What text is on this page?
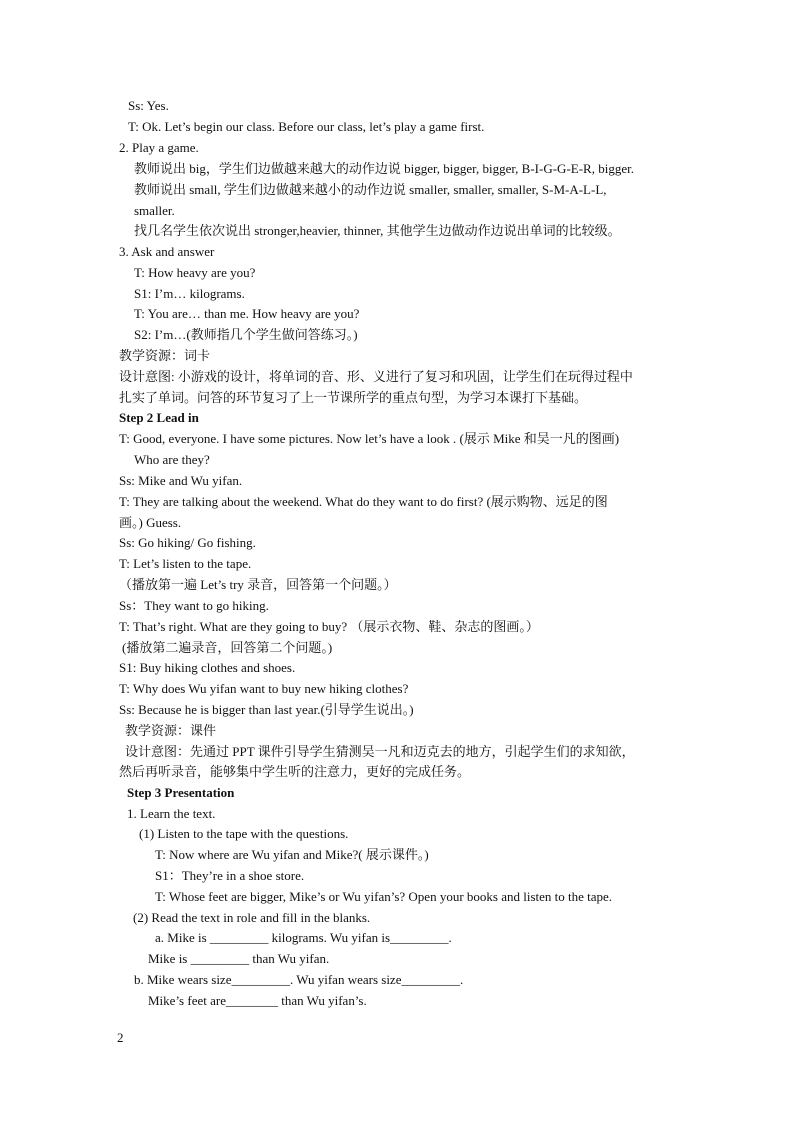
Ss: Yes.
T: Ok. Let’s begin our class. Before our class, let’s play a game first.
2. Play a game.
教师说出 big，学生们边做越来越大的动作边说 bigger, bigger, bigger, B-I-G-G-E-R, bigger.
教师说出 small, 学生们边做越来越小的动作边说 smaller, smaller, smaller, S-M-A-L-L,
smaller.
找几名学生依次说出 stronger,heavier, thinner, 其他学生边做动作边说出单词的比较级。
3. Ask and answer
T: How heavy are you?
S1: I’m… kilograms.
T: You are… than me. How heavy are you?
S2: I’m…(教师指几个学生做问答练习。)
教学资源：词卡
设计意图: 小游戏的设计，将单词的音、形、义进行了复习和巩固，让学生们在玩得过程中
扎实了单词。问答的环节复习了上一节课所学的重点句型，为学习本课打下基础。
Step 2 Lead in
T: Good, everyone. I have some pictures. Now let’s have a look . (展示 Mike 和吴一凡的图画)
Who are they?
Ss: Mike and Wu yifan.
T: They are talking about the weekend. What do they want to do first? (展示购物、远足的图
画。) Guess.
Ss: Go hiking/ Go fishing.
T: Let’s listen to the tape.
（播放第一遍 Let’s try 录音，回答第一个问题。）
Ss：They want to go hiking.
T: That’s right. What are they going to buy? （展示衣物、鞋、杂志的图画。）
(播放第二遍录音，回答第二个问题。)
S1: Buy hiking clothes and shoes.
T: Why does Wu yifan want to buy new hiking clothes?
Ss: Because he is bigger than last year.(引导学生说出。)
教学资源：课件
设计意图：先通过 PPT 课件引导学生猜测吴一凡和迈克去的地方，引起学生们的求知欲，
然后再听录音，能够集中学生听的注意力，更好的完成任务。
Step 3 Presentation
1. Learn the text.
(1) Listen to the tape with the questions.
T: Now where are Wu yifan and Mike?( 展示课件。)
S1：They’re in a shoe store.
T: Whose feet are bigger, Mike’s or Wu yifan’s? Open your books and listen to the tape.
(2) Read the text in role and fill in the blanks.
a. Mike is _________ kilograms. Wu yifan is_________.
Mike is _________ than Wu yifan.
b. Mike wears size_________. Wu yifan wears size_________.
Mike’s feet are________ than Wu yifan’s.
2
